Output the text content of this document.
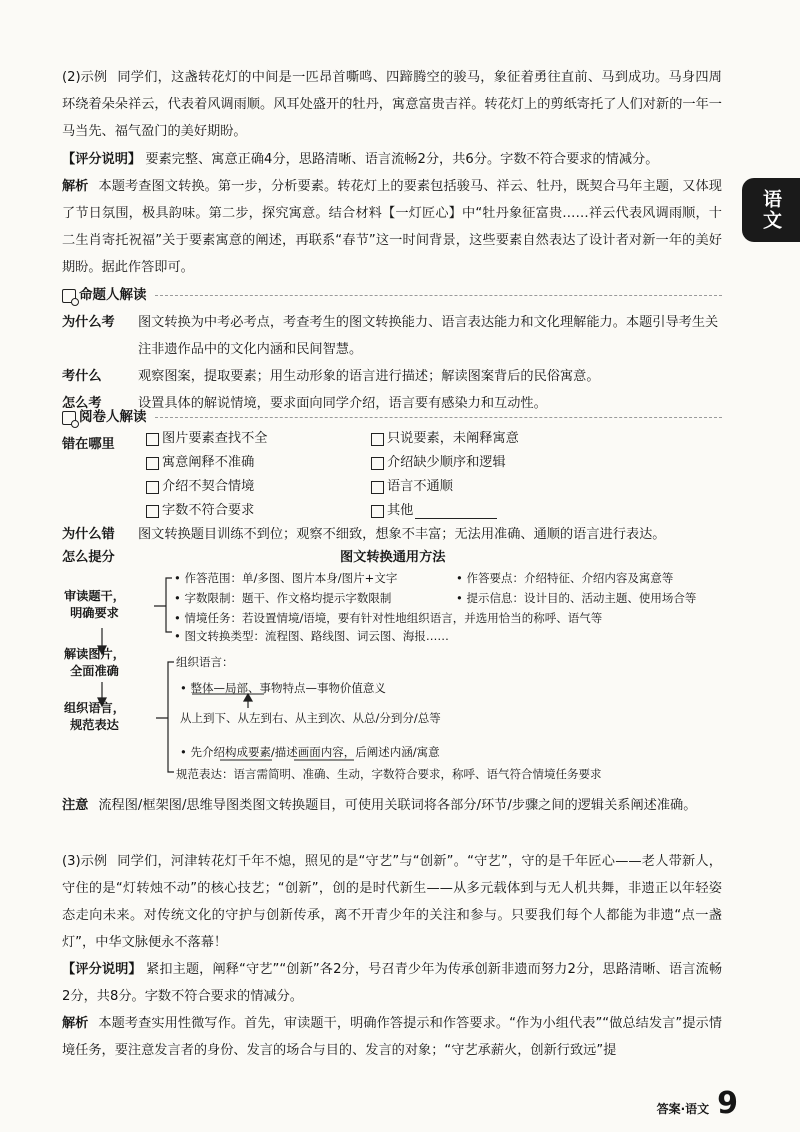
语文

(2)示例 同学们，这盏转花灯的中间是一匹昂首嘶鸣、四蹄腾空的骏马，象征着勇往直前、马到成功。马身四周环绕着朵朵祥云，代表着风调雨顺。风耳处盛开的牡丹，寓意富贵吉祥。转花灯上的剪纸寄托了人们对新的一年一马当先、福气盈门的美好期盼。

【评分说明】 要素完整、寓意正确4分，思路清晰、语言流畅2分，共6分。字数不符合要求的情减分。

解析 本题考查图文转换。第一步，分析要素。转花灯上的要素包括骏马、祥云、牡丹，既契合马年主题，又体现了节日氛围，极具韵味。第二步，探究寓意。结合材料【一灯匠心】中“牡丹象征富贵……祥云代表风调雨顺，十二生肖寄托祝福”关于要素寓意的阐述，再联系“春节”这一时间背景，这些要素自然表达了设计者对新一年的美好期盼。据此作答即可。

命题人解读
为什么考	图文转换为中考必考点，考查考生的图文转换能力、语言表达能力和文化理解能力。本题引导考生关注非遗作品中的文化内涵和民间智慧。
考什么	观察图案，提取要素；用生动形象的语言进行描述；解读图案背后的民俗寓意。
怎么考	设置具体的解说情境，要求面向同学介绍，语言要有感染力和互动性。
阅卷人解读
错在哪里	图片要素查找不全	只说要素，未阐释寓意
寓意阐释不准确	介绍缺少顺序和逻辑
介绍不契合情境	语言不通顺
字数不符合要求	其他
为什么错	图文转换题目训练不到位；观察不细致，想象不丰富；无法用准确、通顺的语言进行表达。
怎么提分	图文转换通用方法
审读题干，
明确要求
解读图片，
全面准确
组织语言，
规范表达
• 作答范围：单/多图、图片本身/图片+文字
• 字数限制：题干、作文格均提示字数限制
• 情境任务：若设置情境/语境，要有针对性地组织语言，并选用恰当的称呼、语气等
• 图文转换类型：流程图、路线图、词云图、海报……
• 作答要点：介绍特征、介绍内容及寓意等
• 提示信息：设计目的、活动主题、使用场合等
组织语言：
• 整体—局部、事物特点—事物价值意义
从上到下、从左到右、从主到次、从总/分到分/总等
• 先介绍构成要素/描述画面内容，后阐述内涵/寓意
规范表达：语言需简明、准确、生动，字数符合要求，称呼、语气符合情境任务要求

注意 流程图/框架图/思维导图类图文转换题目，可使用关联词将各部分/环节/步骤之间的逻辑关系阐述准确。

(3)示例 同学们，河津转花灯千年不熄，照见的是“守艺”与“创新”。“守艺”，守的是千年匠心——老人带新人，守住的是“灯转烛不动”的核心技艺；“创新”，创的是时代新生——从多元载体到与无人机共舞，非遗正以年轻姿态走向未来。对传统文化的守护与创新传承，离不开青少年的关注和参与。只要我们每个人都能为非遗“点一盏灯”，中华文脉便永不落幕！

【评分说明】 紧扣主题，阐释“守艺”“创新”各2分，号召青少年为传承创新非遗而努力2分，思路清晰、语言流畅2分，共8分。字数不符合要求的情减分。

解析 本题考查实用性微写作。首先，审读题干，明确作答提示和作答要求。“作为小组代表”“做总结发言”提示情境任务，要注意发言者的身份、发言的场合与目的、发言的对象；“守艺承薪火，创新行致远”提

答案·语文 9
